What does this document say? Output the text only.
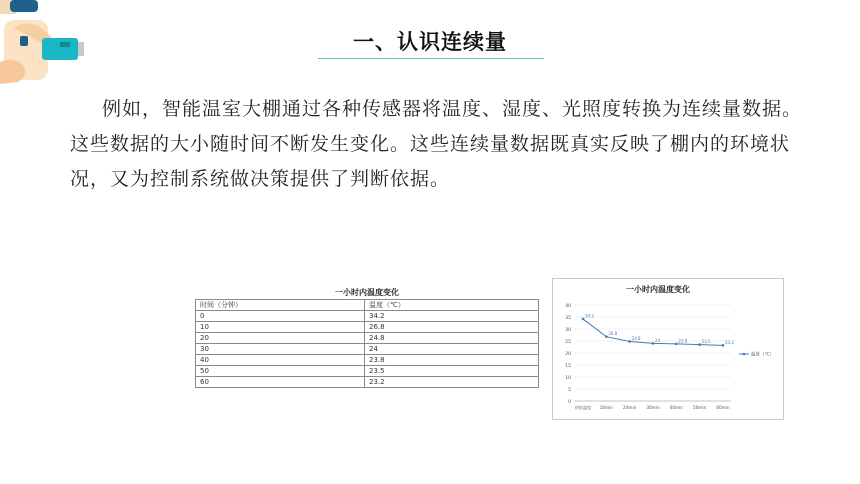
一、认识连续量
例如，智能温室大棚通过各种传感器将温度、湿度、光照度转换为连续量数据。这些数据的大小随时间不断发生变化。这些连续量数据既真实反映了棚内的环境状况，又为控制系统做决策提供了判断依据。
一小时内温度变化
时间（分钟）	温度（℃）
0	34.2
10	26.8
20	24.8
30	24
40	23.8
50	23.5
60	23.2
一小时内温度变化
0
5
10
15
20
25
30
35
40
初始温度 10min 20min 30min 40min 50min 60min
34.2
26.8
24.8	24	23.8	23.5	23.2
温度（℃）
